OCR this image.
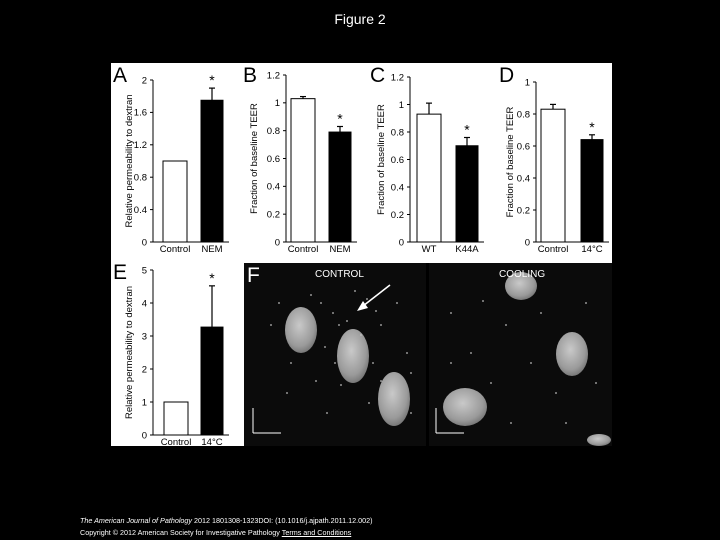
Figure 2
A
0
0.4
0.8
1.2
1.6
2
Relative permeability to dextran
Control
*
NEM
B
0
0.2
0.4
0.6
0.8
1
1.2
Fraction of baseline TEER
Control
*
NEM
C
0
0.2
0.4
0.6
0.8
1
1.2
Fraction of baseline TEER
WT
*
K44A
D
0
0.2
0.4
0.6
0.8
1
Fraction of baseline TEER
Control
*
14°C
E
0
1
2
3
4
5
Relative permeability to dextran
Control
*
14°C
F	CONTROL	COOLING
The American Journal of Pathology 2012 1801308-1323DOI: (10.1016/j.ajpath.2011.12.002)
Copyright © 2012 American Society for Investigative Pathology Terms and Conditions
